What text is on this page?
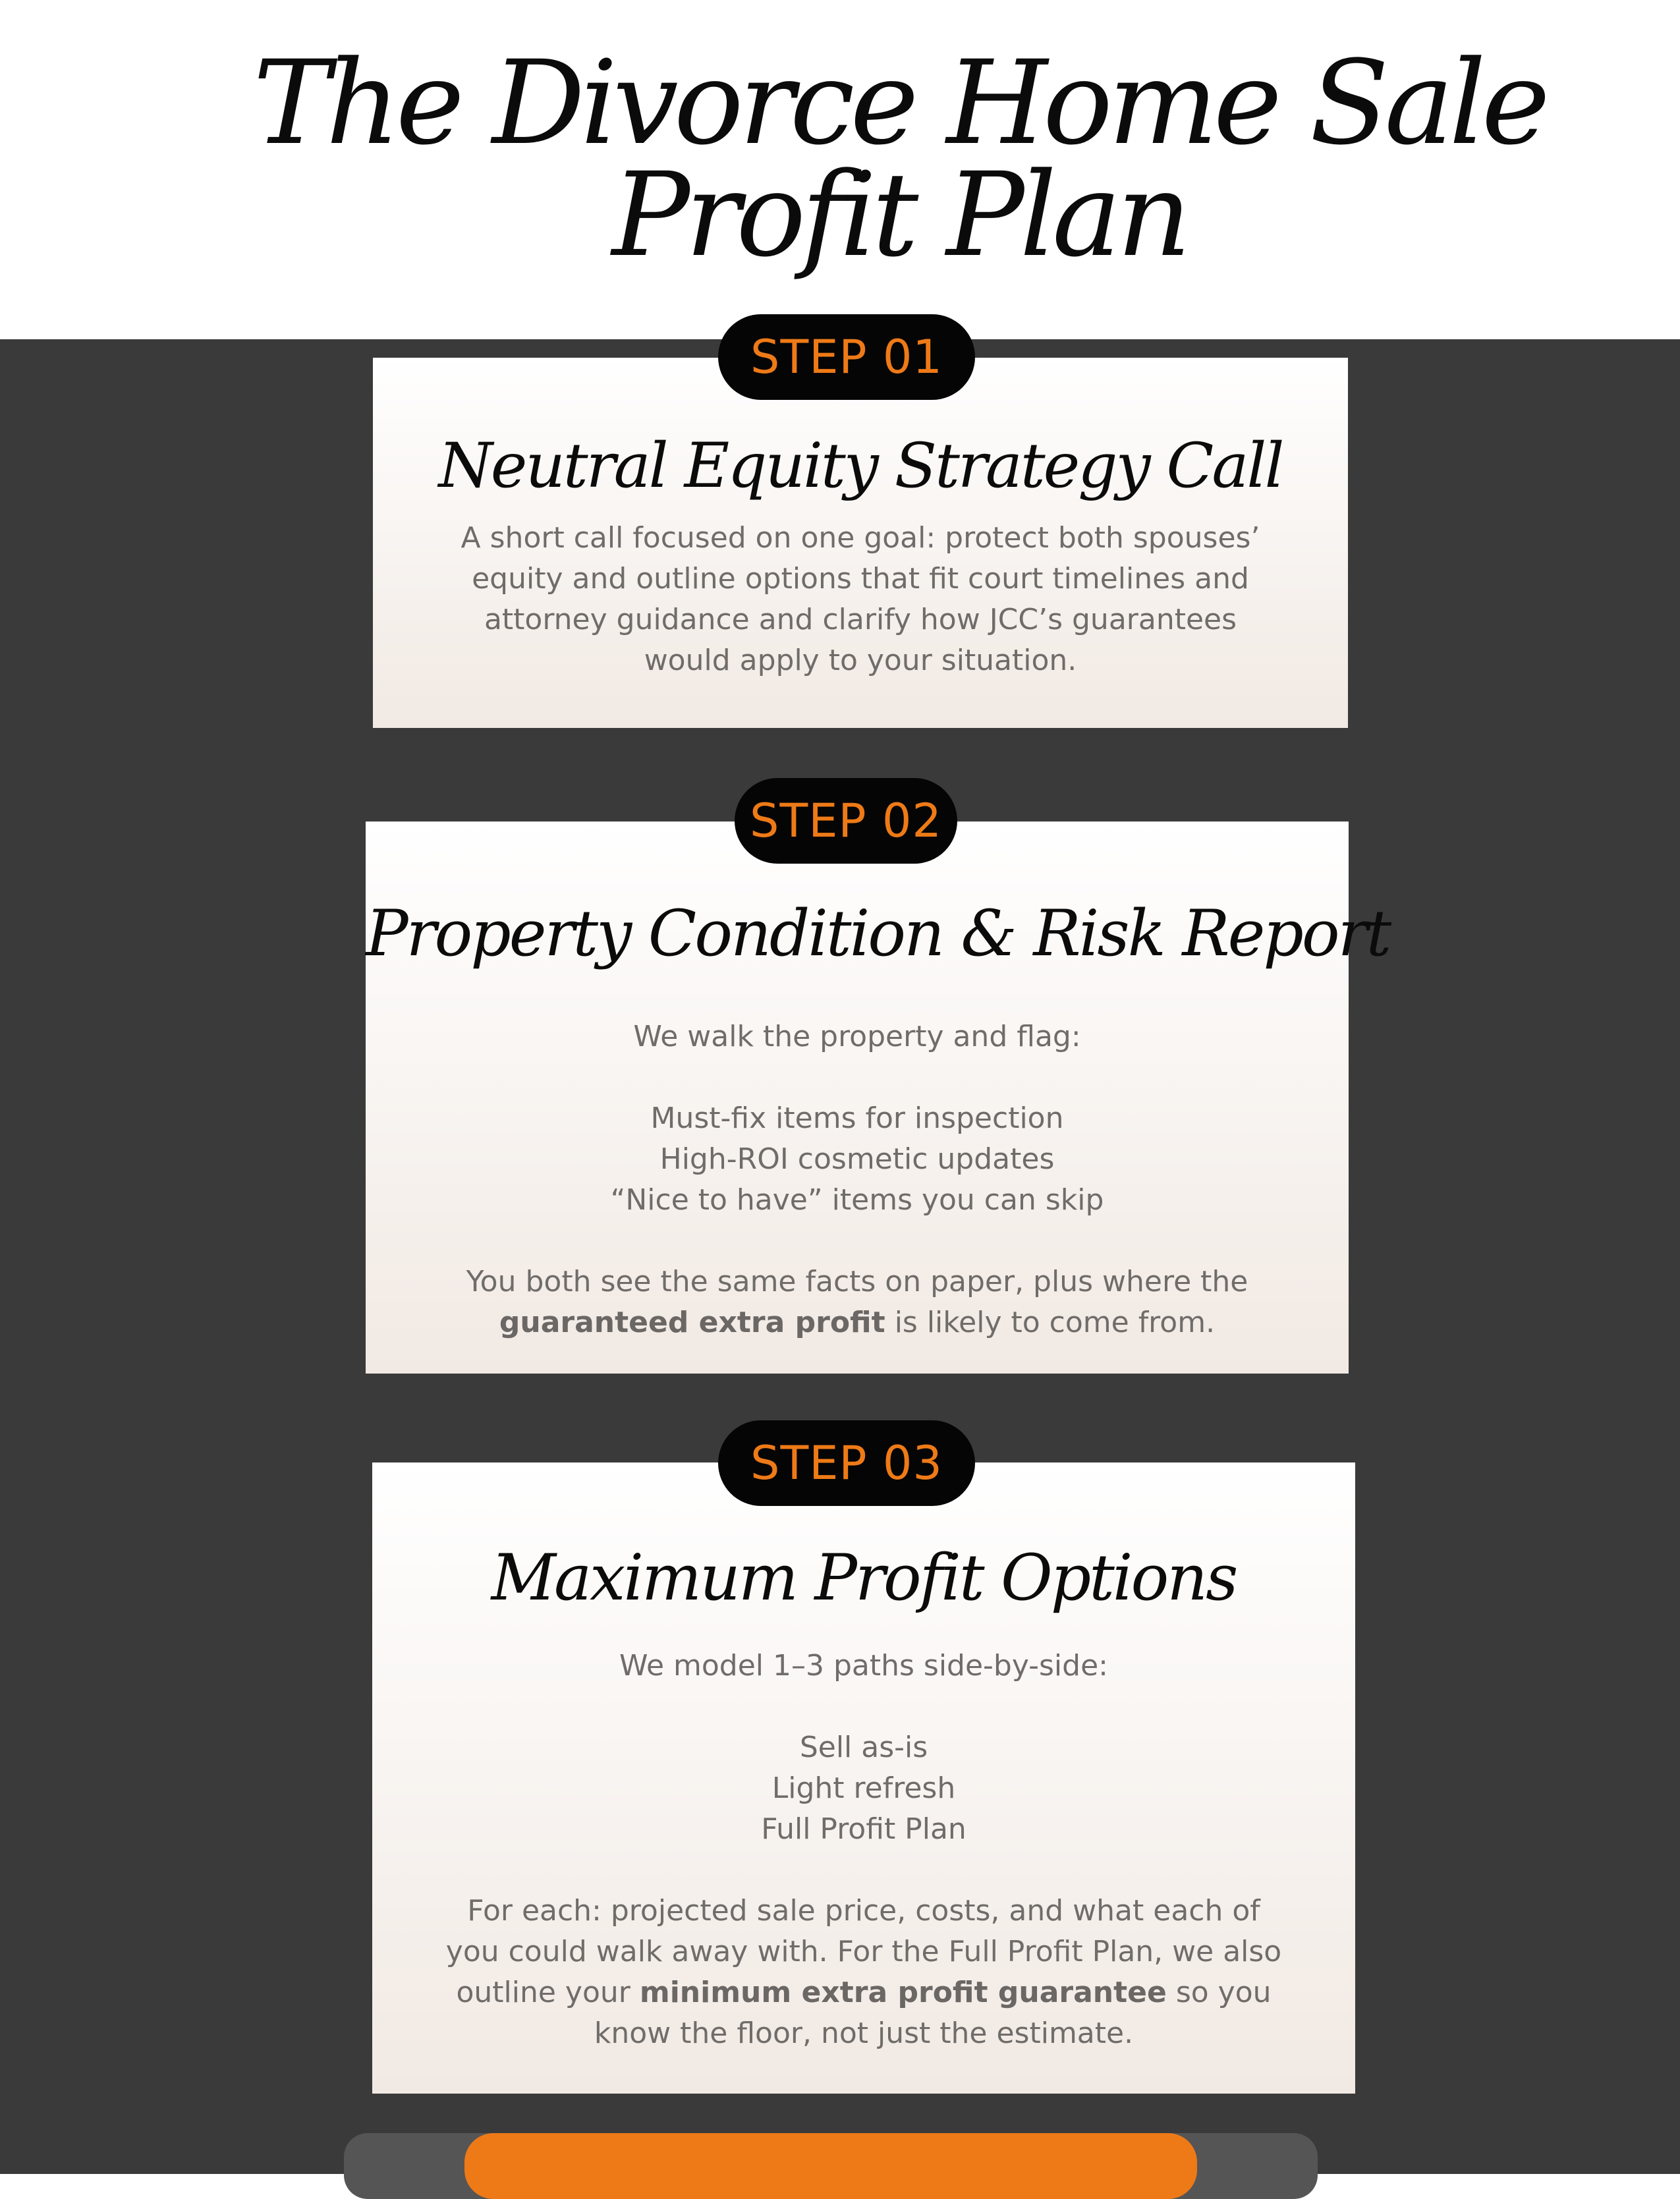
The Divorce Home Sale
Profit Plan
Neutral Equity Strategy Call

A short call focused on one goal: protect both spouses’

equity and outline options that fit court timelines and

attorney guidance and clarify how JCC’s guarantees

would apply to your situation.

STEP 01
Property Condition & Risk Report

We walk the property and flag:

Must-fix items for inspection

High-ROI cosmetic updates

“Nice to have” items you can skip

You both see the same facts on paper, plus where the

guaranteed extra profit is likely to come from.

STEP 02
Maximum Profit Options

We model 1–3 paths side-by-side:

Sell as-is

Light refresh

Full Profit Plan

For each: projected sale price, costs, and what each of

you could walk away with. For the Full Profit Plan, we also

outline your minimum extra profit guarantee so you

know the floor, not just the estimate.

STEP 03
